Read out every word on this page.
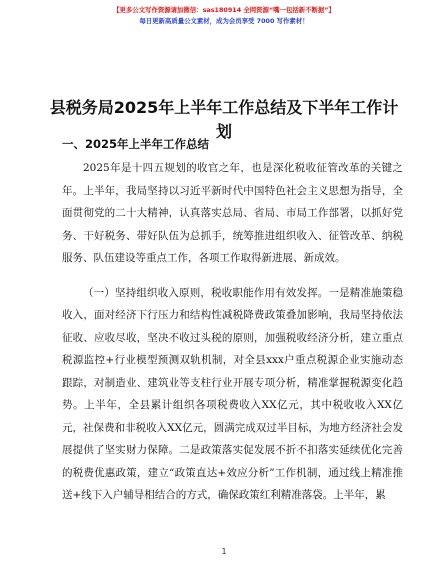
【更多公文写作资源请加微信：sas180914 全网资源“嘴一包括新不断据”】
每日更新高质量公文素材，成为会员享受 7000 写作素材！
县税务局2025年上半年工作总结及下半年工作计划
一、2025年上半年工作总结

2025年是十四五规划的收官之年，也是深化税收征管改革的关键之年。上半年，我局坚持以习近平新时代中国特色社会主义思想为指导，全面贯彻党的二十大精神，认真落实总局、省局、市局工作部署，以抓好党务、干好税务、带好队伍为总抓手，统筹推进组织收入、征管改革、纳税服务、队伍建设等重点工作，各项工作取得新进展、新成效。

（一）坚持组织收入原则，税收职能作用有效发挥。一是精准施策稳收入，面对经济下行压力和结构性减税降费政策叠加影响，我局坚持依法征收、应收尽收，坚决不收过头税的原则，加强税收经济分析，建立重点税源监控+行业模型预测双轨机制，对全县xxx户重点税源企业实施动态跟踪，对制造业、建筑业等支柱行业开展专项分析，精准掌握税源变化趋势。上半年，全县累计组织各项税费收入XX亿元，其中税收收入XX亿元，社保费和非税收入XX亿元，圆满完成双过半目标，为地方经济社会发展提供了坚实财力保障。二是政策落实促发展不折不扣落实延续优化完善的税费优惠政策，建立“政策直达+效应分析”工作机制，通过线上精准推送+线下入户辅导相结合的方式，确保政策红利精准落袋。上半年，累

1
